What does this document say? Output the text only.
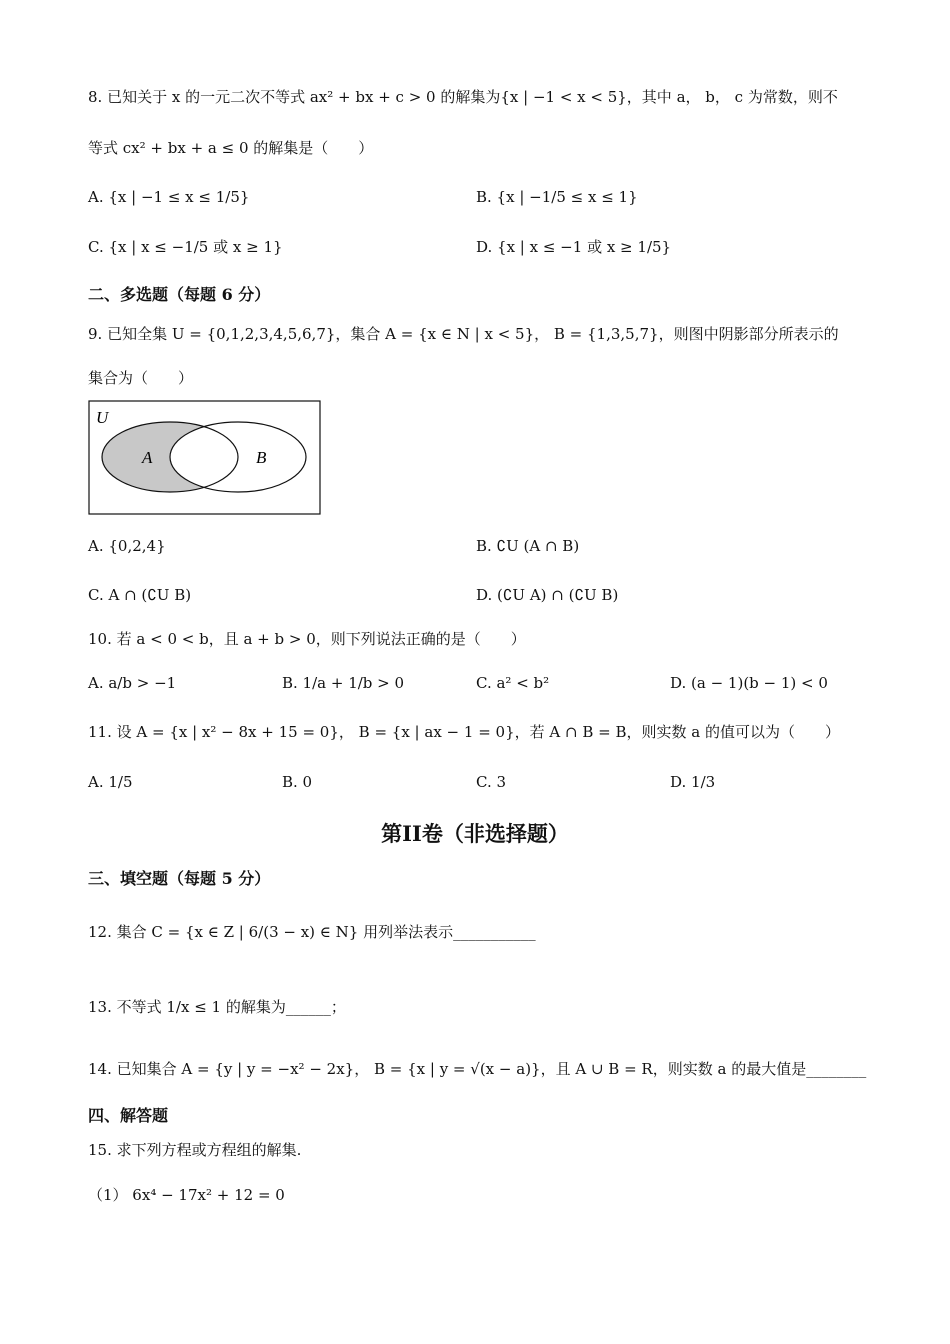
8. 已知关于 x 的一元二次不等式 ax² + bx + c > 0 的解集为{x | −1 < x < 5}，其中 a， b， c 为常数，则不
等式 cx² + bx + a ≤ 0 的解集是（　　）
A. {x | −1 ≤ x ≤ 1/5}	B. {x | −1/5 ≤ x ≤ 1}
C. {x | x ≤ −1/5 或 x ≥ 1}	D. {x | x ≤ −1 或 x ≥ 1/5}
二、多选题（每题 6 分）
9. 已知全集 U = {0,1,2,3,4,5,6,7}，集合 A = {x ∈ N | x < 5}， B = {1,3,5,7}，则图中阴影部分所表示的
集合为（　　）
U
A	B
A. {0,2,4}	B. ∁U (A ∩ B)
C. A ∩ (∁U B)	D. (∁U A) ∩ (∁U B)
10. 若 a < 0 < b，且 a + b > 0，则下列说法正确的是（　　）
A. a/b > −1	B. 1/a + 1/b > 0	C. a² < b²	D. (a − 1)(b − 1) < 0
11. 设 A = {x | x² − 8x + 15 = 0}， B = {x | ax − 1 = 0}，若 A ∩ B = B，则实数 a 的值可以为（　　）
A. 1/5	B. 0	C. 3	D. 1/3
第II卷（非选择题）
三、填空题（每题 5 分）
12. 集合 C = {x ∈ Z | 6/(3 − x) ∈ N} 用列举法表示___________
13. 不等式 1/x ≤ 1 的解集为______；
14. 已知集合 A = {y | y = −x² − 2x}， B = {x | y = √(x − a)}，且 A ∪ B = R，则实数 a 的最大值是________
四、解答题
15. 求下列方程或方程组的解集.
（1） 6x⁴ − 17x² + 12 = 0
